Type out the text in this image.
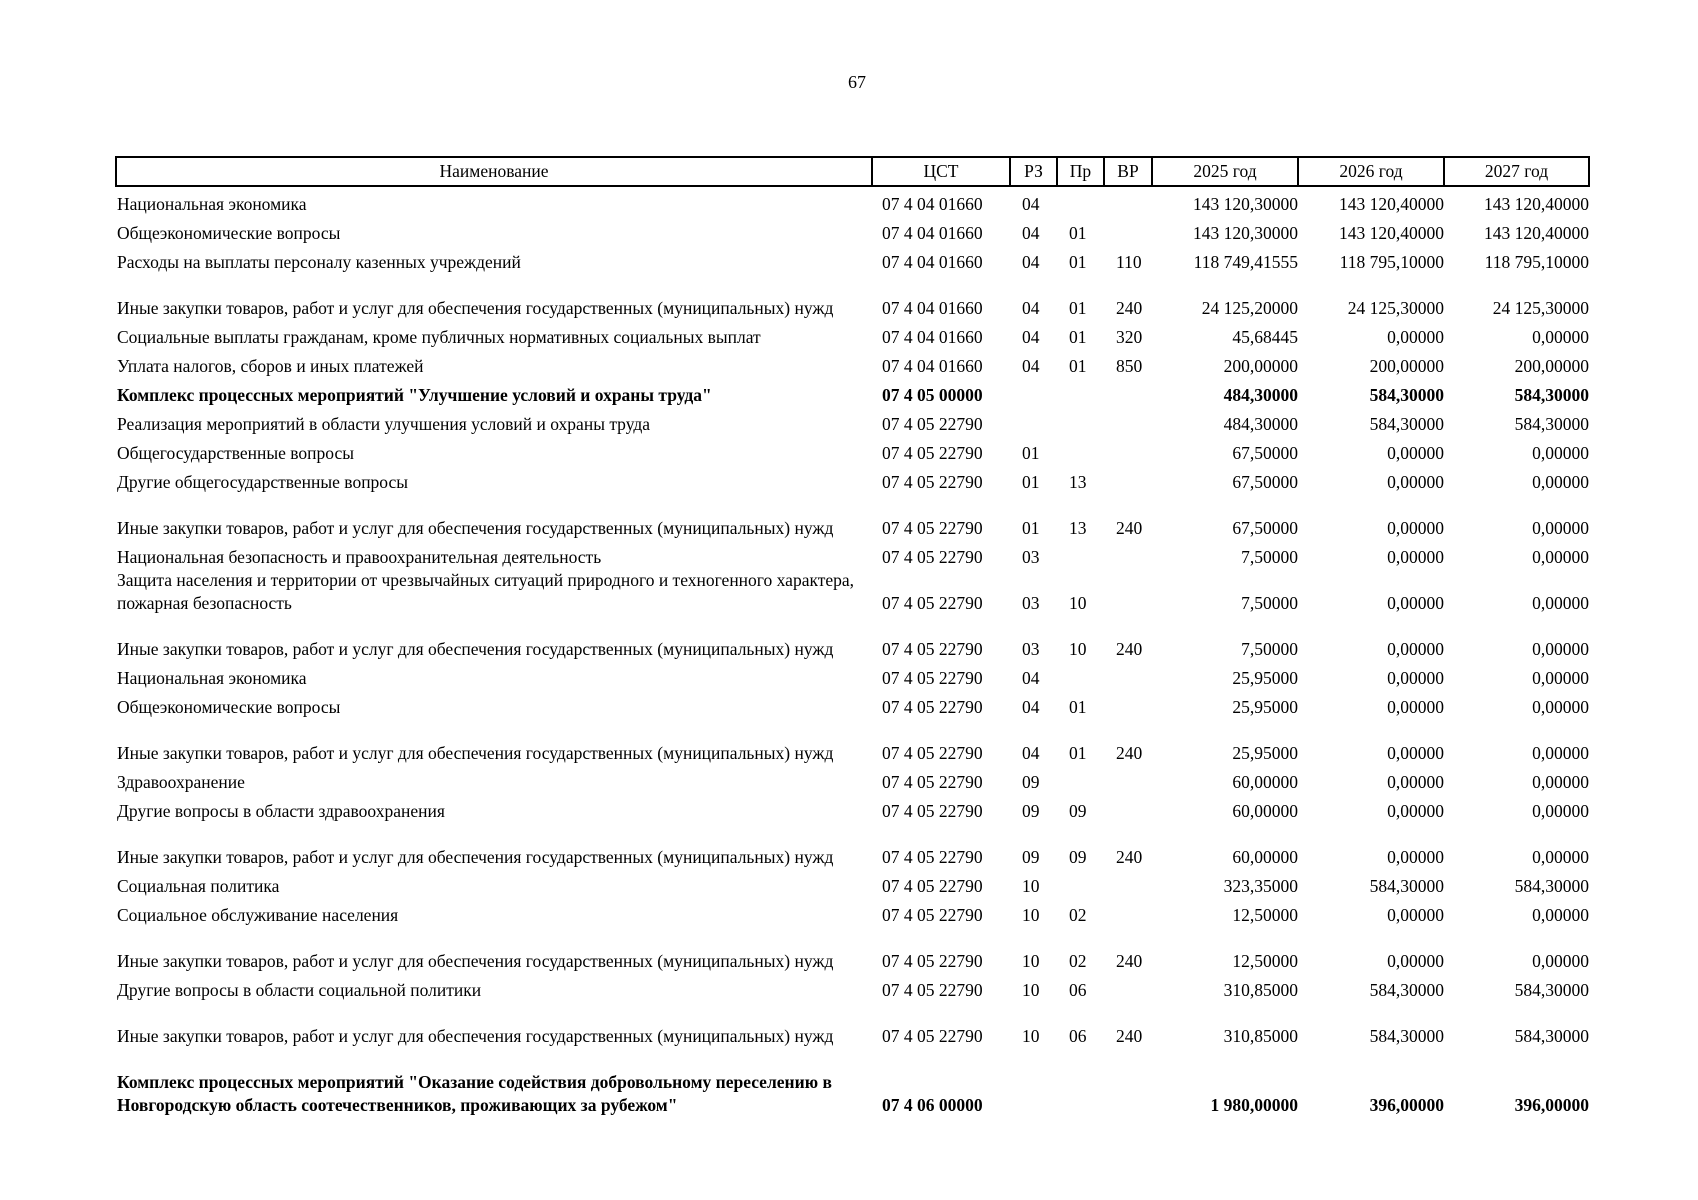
67
Наименование	ЦСТ	РЗ	Пр	ВР	2025 год	2026 год	2027 год
Национальная экономика	07 4 04 01660	04			143 120,30000	143 120,40000	143 120,40000
Общеэкономические вопросы	07 4 04 01660	04	01		143 120,30000	143 120,40000	143 120,40000
Расходы на выплаты персоналу казенных учреждений	07 4 04 01660	04	01	110	118 749,41555	118 795,10000	118 795,10000
Иные закупки товаров, работ и услуг для обеспечения государственных (муниципальных) нужд	07 4 04 01660	04	01	240	24 125,20000	24 125,30000	24 125,30000
Социальные выплаты гражданам, кроме публичных нормативных социальных выплат	07 4 04 01660	04	01	320	45,68445	0,00000	0,00000
Уплата налогов, сборов и иных платежей	07 4 04 01660	04	01	850	200,00000	200,00000	200,00000
Комплекс процессных мероприятий "Улучшение условий и охраны труда"	07 4 05 00000				484,30000	584,30000	584,30000
Реализация мероприятий в области улучшения условий и охраны труда	07 4 05 22790				484,30000	584,30000	584,30000
Общегосударственные вопросы	07 4 05 22790	01			67,50000	0,00000	0,00000
Другие общегосударственные вопросы	07 4 05 22790	01	13		67,50000	0,00000	0,00000
Иные закупки товаров, работ и услуг для обеспечения государственных (муниципальных) нужд	07 4 05 22790	01	13	240	67,50000	0,00000	0,00000
Национальная безопасность и правоохранительная деятельность	07 4 05 22790	03			7,50000	0,00000	0,00000
Защита населения и территории от чрезвычайных ситуаций природного и техногенного характера, пожарная безопасность	07 4 05 22790	03	10		7,50000	0,00000	0,00000
Иные закупки товаров, работ и услуг для обеспечения государственных (муниципальных) нужд	07 4 05 22790	03	10	240	7,50000	0,00000	0,00000
Национальная экономика	07 4 05 22790	04			25,95000	0,00000	0,00000
Общеэкономические вопросы	07 4 05 22790	04	01		25,95000	0,00000	0,00000
Иные закупки товаров, работ и услуг для обеспечения государственных (муниципальных) нужд	07 4 05 22790	04	01	240	25,95000	0,00000	0,00000
Здравоохранение	07 4 05 22790	09			60,00000	0,00000	0,00000
Другие вопросы в области здравоохранения	07 4 05 22790	09	09		60,00000	0,00000	0,00000
Иные закупки товаров, работ и услуг для обеспечения государственных (муниципальных) нужд	07 4 05 22790	09	09	240	60,00000	0,00000	0,00000
Социальная политика	07 4 05 22790	10			323,35000	584,30000	584,30000
Социальное обслуживание населения	07 4 05 22790	10	02		12,50000	0,00000	0,00000
Иные закупки товаров, работ и услуг для обеспечения государственных (муниципальных) нужд	07 4 05 22790	10	02	240	12,50000	0,00000	0,00000
Другие вопросы в области социальной политики	07 4 05 22790	10	06		310,85000	584,30000	584,30000
Иные закупки товаров, работ и услуг для обеспечения государственных (муниципальных) нужд	07 4 05 22790	10	06	240	310,85000	584,30000	584,30000
Комплекс процессных мероприятий "Оказание содействия добровольному переселению в Новгородскую область соотечественников, проживающих за рубежом"	07 4 06 00000				1 980,00000	396,00000	396,00000
